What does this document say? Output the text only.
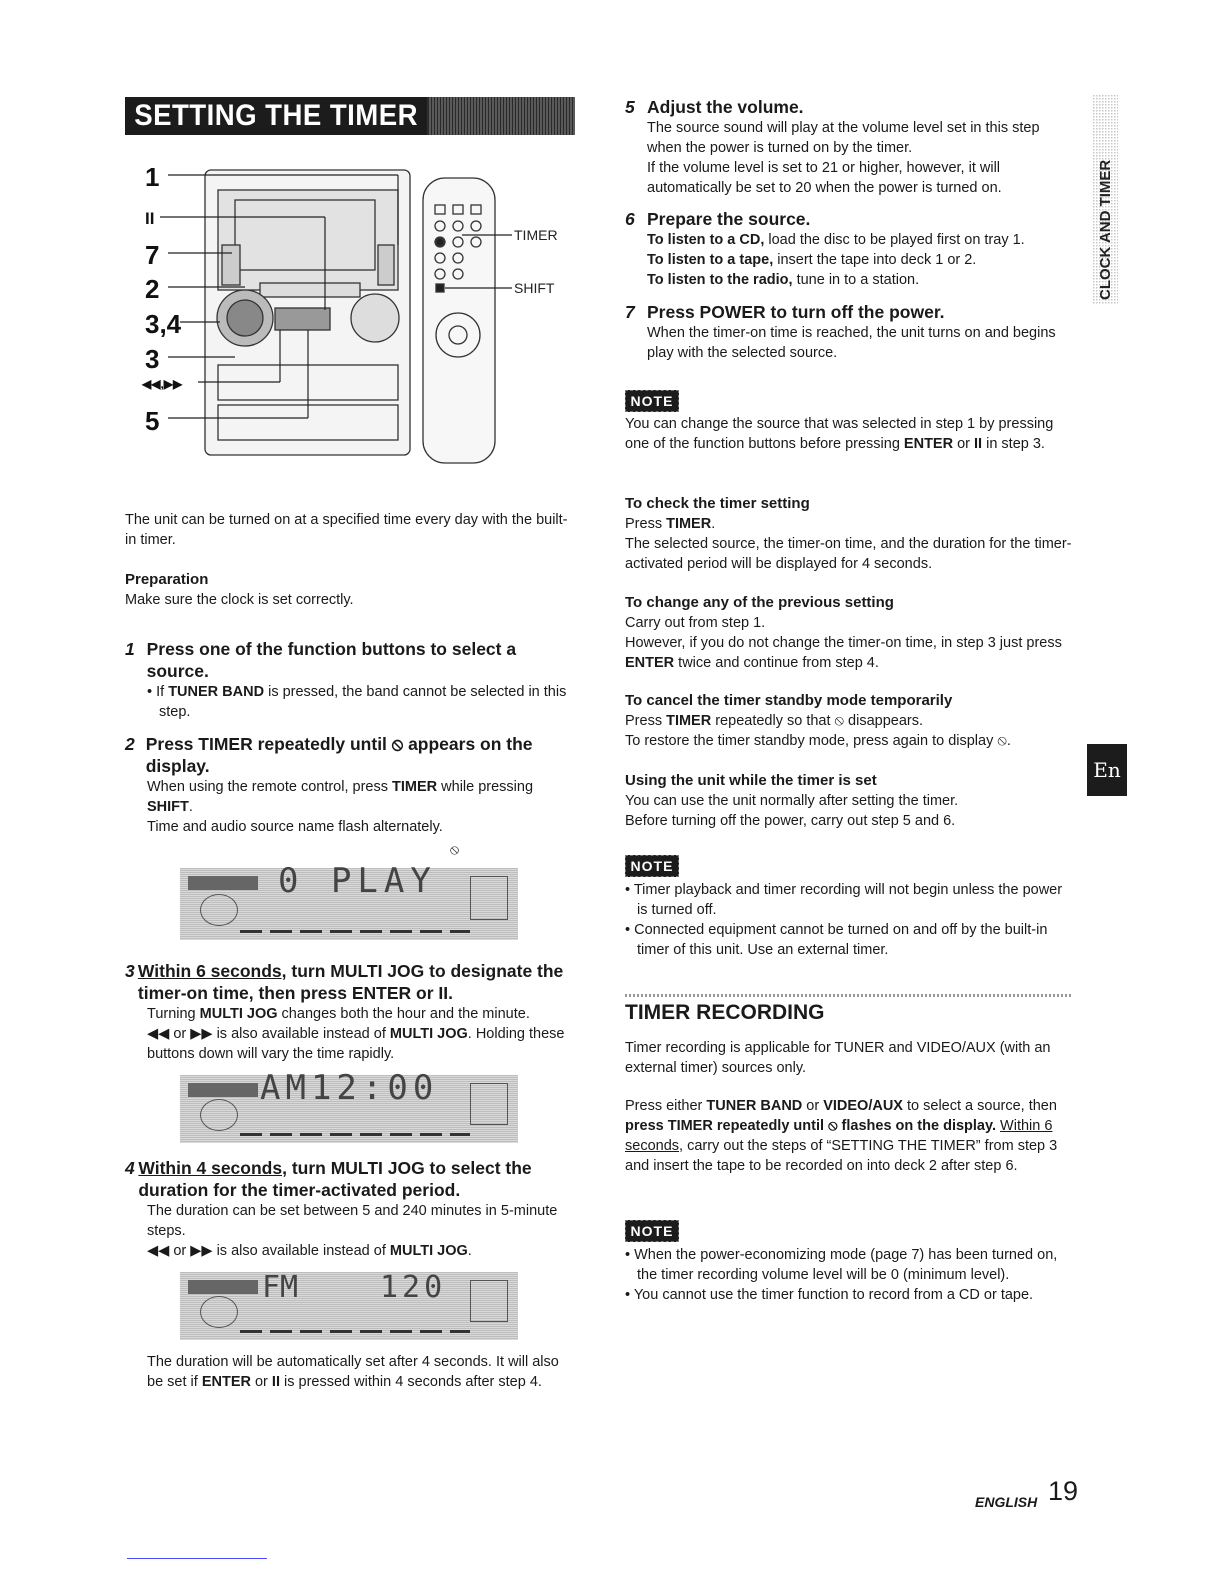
SETTING THE TIMER
CLOCK AND TIMER
En
1
II
7
2
3,4
3
◀◀,▶▶
5
TIMER
SHIFT
The unit can be turned on at a specified time every day with the built-in timer.
Preparation
Make sure the clock is set correctly.
1 Press one of the function buttons to select a source.
• If TUNER BAND is pressed, the band cannot be selected in this step.
2 Press TIMER repeatedly until ⦸ appears on the display.
When using the remote control, press TIMER while pressing SHIFT.
Time and audio source name flash alternately.
⦸
0 PLAY
3 Within 6 seconds, turn MULTI JOG to designate the timer-on time, then press ENTER or II.
Turning MULTI JOG changes both the hour and the minute.
◀◀ or ▶▶ is also available instead of MULTI JOG. Holding these buttons down will vary the time rapidly.
AM12:00
4 Within 4 seconds, turn MULTI JOG to select the duration for the timer-activated period.
The duration can be set between 5 and 240 minutes in 5-minute steps.
◀◀ or ▶▶ is also available instead of MULTI JOG.
FM	120
The duration will be automatically set after 4 seconds. It will also be set if ENTER or II is pressed within 4 seconds after step 4.
5 Adjust the volume.
The source sound will play at the volume level set in this step when the power is turned on by the timer.
If the volume level is set to 21 or higher, however, it will automatically be set to 20 when the power is turned on.
6 Prepare the source.
To listen to a CD, load the disc to be played first on tray 1.
To listen to a tape, insert the tape into deck 1 or 2.
To listen to the radio, tune in to a station.
7 Press POWER to turn off the power.
When the timer-on time is reached, the unit turns on and begins play with the selected source.
NOTE
You can change the source that was selected in step 1 by pressing one of the function buttons before pressing ENTER or II in step 3.
To check the timer setting
Press TIMER.
The selected source, the timer-on time, and the duration for the timer-activated period will be displayed for 4 seconds.
To change any of the previous setting
Carry out from step 1.
However, if you do not change the timer-on time, in step 3 just press ENTER twice and continue from step 4.
To cancel the timer standby mode temporarily
Press TIMER repeatedly so that ⦸ disappears.
To restore the timer standby mode, press again to display ⦸.
Using the unit while the timer is set
You can use the unit normally after setting the timer.
Before turning off the power, carry out step 5 and 6.
NOTE
• Timer playback and timer recording will not begin unless the power is turned off.
• Connected equipment cannot be turned on and off by the built-in timer of this unit. Use an external timer.
TIMER RECORDING
Timer recording is applicable for TUNER and VIDEO/AUX (with an external timer) sources only.
Press either TUNER BAND or VIDEO/AUX to select a source, then press TIMER repeatedly until ⦸ flashes on the display. Within 6 seconds, carry out the steps of “SETTING THE TIMER” from step 3 and insert the tape to be recorded on into deck 2 after step 6.
NOTE
• When the power-economizing mode (page 7) has been turned on, the timer recording volume level will be 0 (minimum level).
• You cannot use the timer function to record from a CD or tape.
ENGLISH 19
